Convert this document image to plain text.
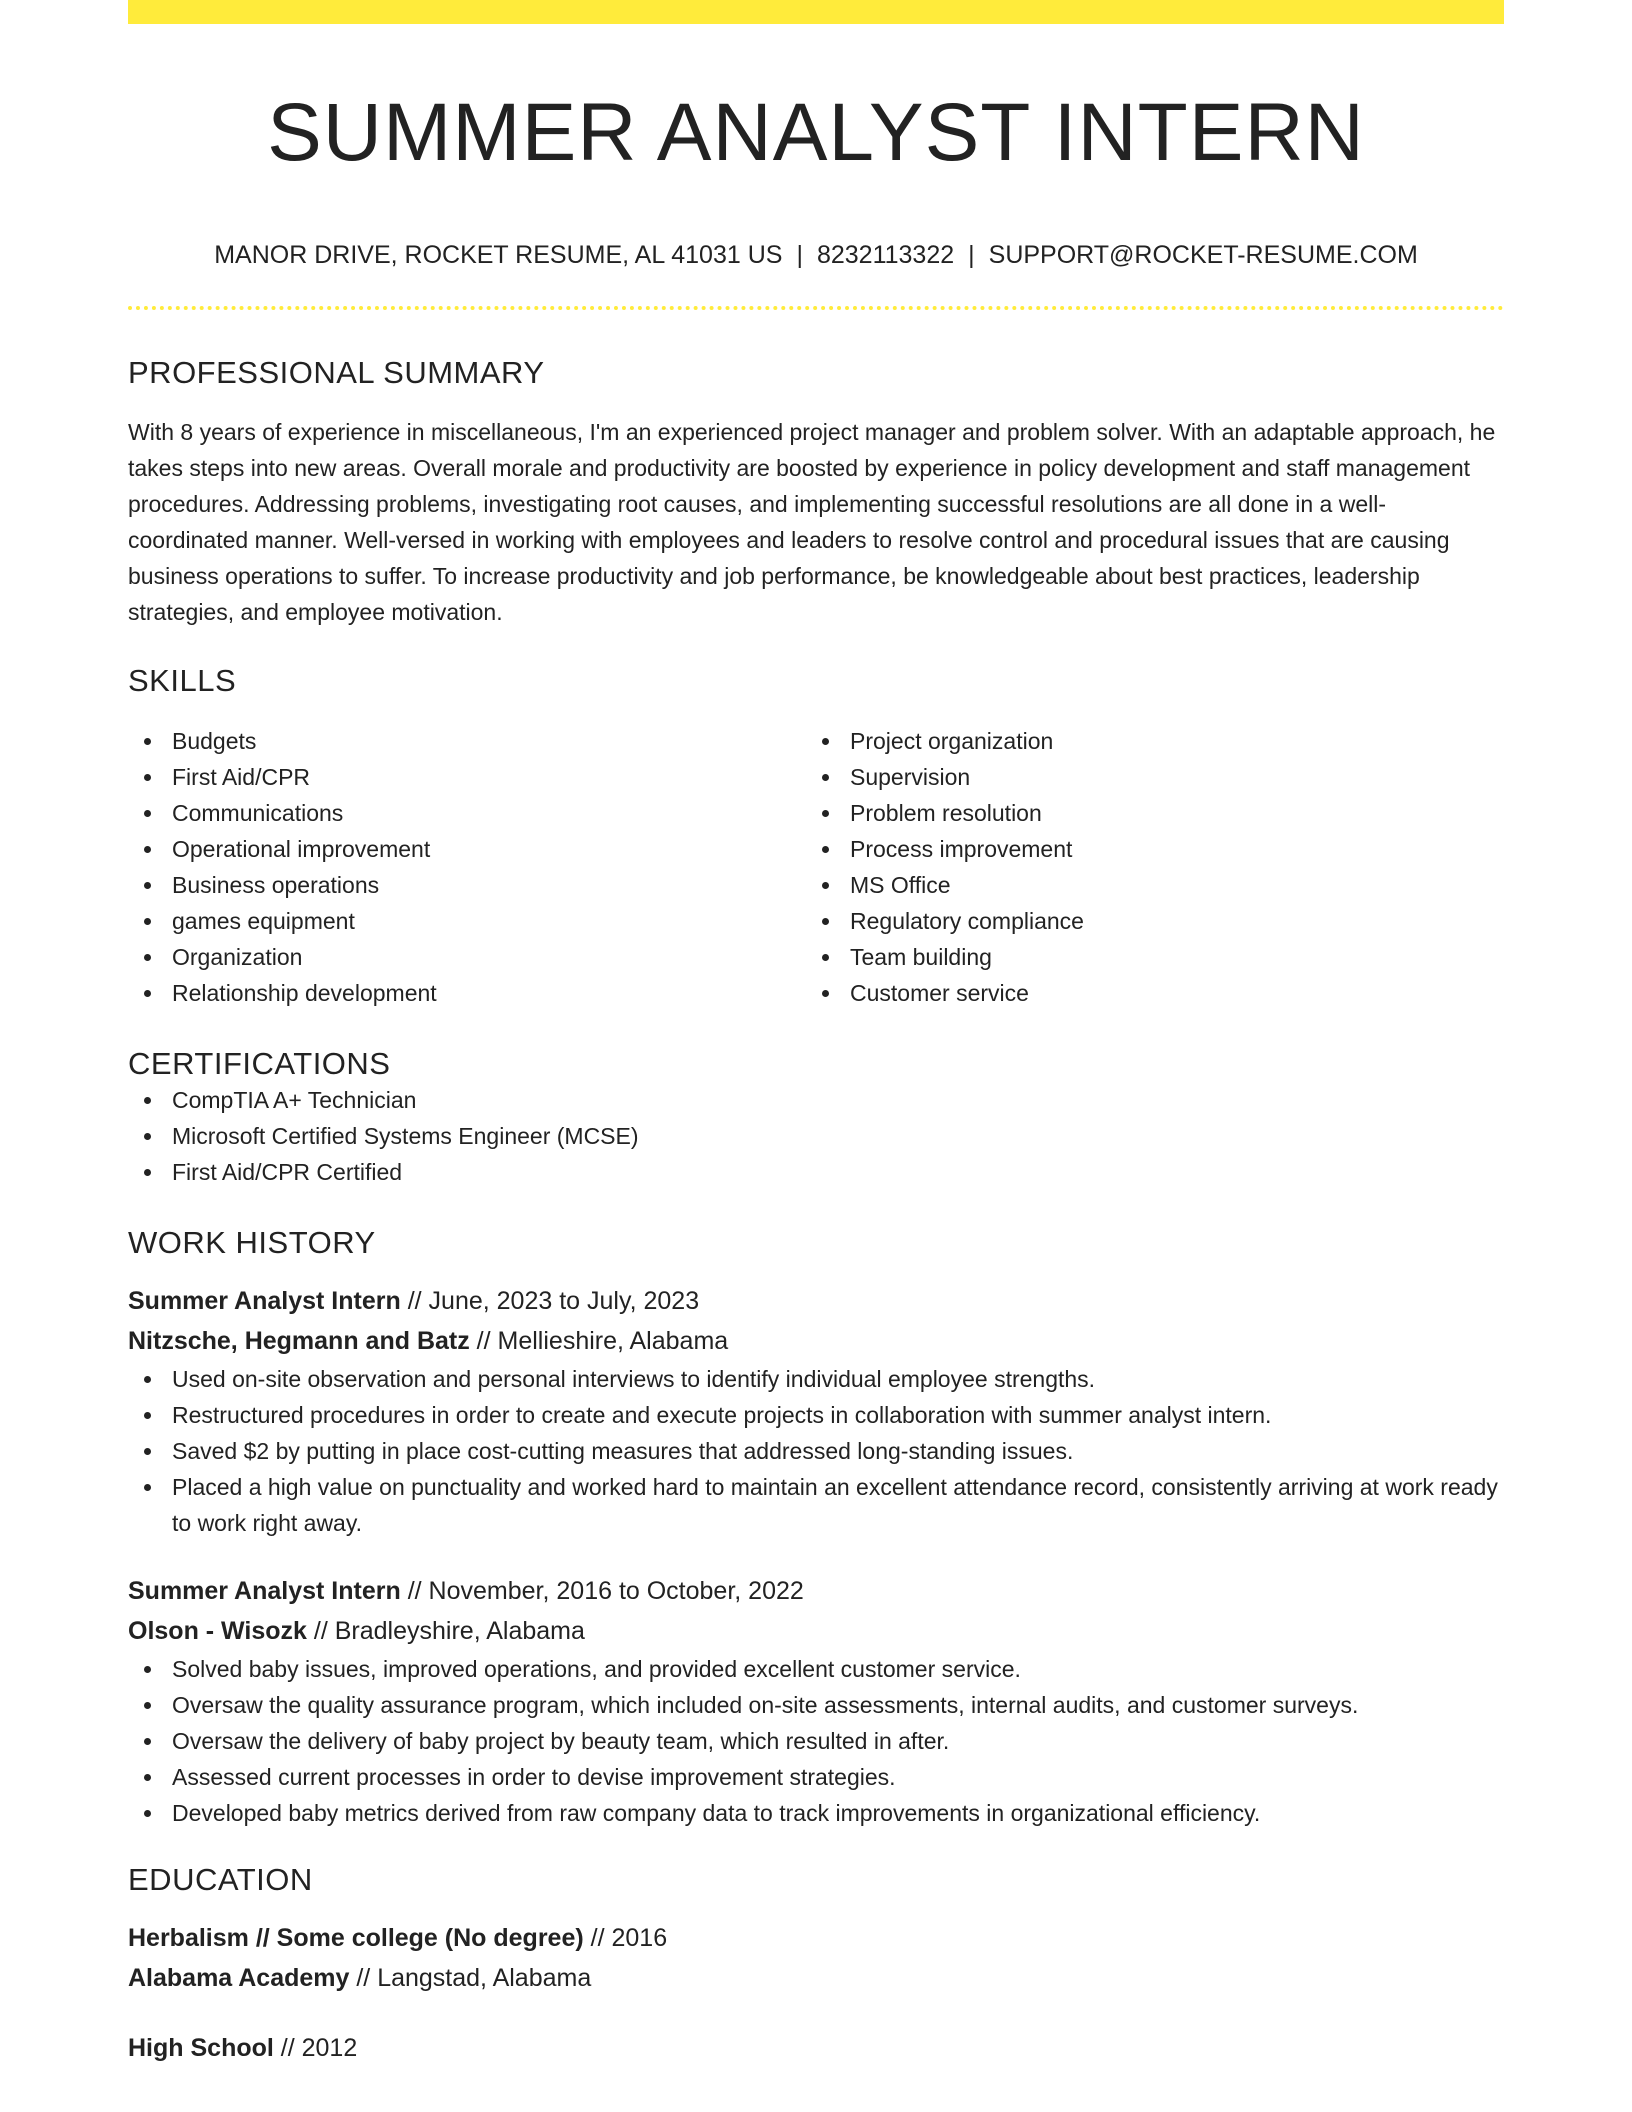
SUMMER ANALYST INTERN
MANOR DRIVE, ROCKET RESUME, AL 41031 US | 8232113322 | SUPPORT@ROCKET-RESUME.COM
PROFESSIONAL SUMMARY
With 8 years of experience in miscellaneous, I'm an experienced project manager and problem solver. With an adaptable approach, he takes steps into new areas. Overall morale and productivity are boosted by experience in policy development and staff management procedures. Addressing problems, investigating root causes, and implementing successful resolutions are all done in a well-coordinated manner. Well-versed in working with employees and leaders to resolve control and procedural issues that are causing business operations to suffer. To increase productivity and job performance, be knowledgeable about best practices, leadership strategies, and employee motivation.
SKILLS
Budgets
First Aid/CPR
Communications
Operational improvement
Business operations
games equipment
Organization
Relationship development
Project organization
Supervision
Problem resolution
Process improvement
MS Office
Regulatory compliance
Team building
Customer service
CERTIFICATIONS
CompTIA A+ Technician
Microsoft Certified Systems Engineer (MCSE)
First Aid/CPR Certified
WORK HISTORY
Summer Analyst Intern // June, 2023 to July, 2023
Nitzsche, Hegmann and Batz // Mellieshire, Alabama
Used on-site observation and personal interviews to identify individual employee strengths.
Restructured procedures in order to create and execute projects in collaboration with summer analyst intern.
Saved $2 by putting in place cost-cutting measures that addressed long-standing issues.
Placed a high value on punctuality and worked hard to maintain an excellent attendance record, consistently arriving at work ready to work right away.
Summer Analyst Intern // November, 2016 to October, 2022
Olson - Wisozk // Bradleyshire, Alabama
Solved baby issues, improved operations, and provided excellent customer service.
Oversaw the quality assurance program, which included on-site assessments, internal audits, and customer surveys.
Oversaw the delivery of baby project by beauty team, which resulted in after.
Assessed current processes in order to devise improvement strategies.
Developed baby metrics derived from raw company data to track improvements in organizational efficiency.
EDUCATION
Herbalism // Some college (No degree) // 2016
Alabama Academy // Langstad, Alabama
High School // 2012
